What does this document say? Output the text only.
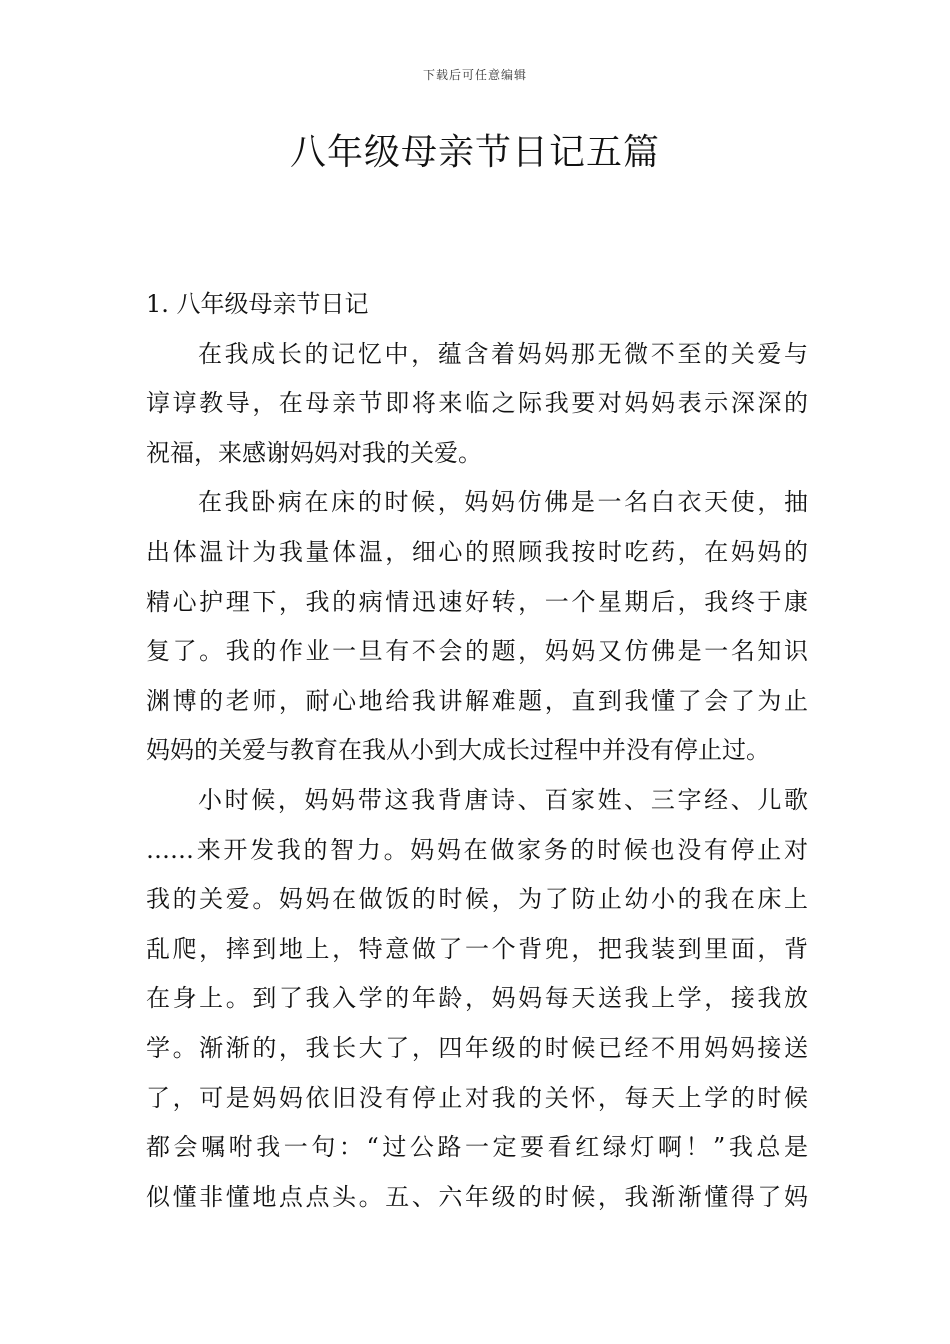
下载后可任意编辑
八年级母亲节日记五篇
1. 八年级母亲节日记
在我成长的记忆中，蕴含着妈妈那无微不至的关爱与
谆谆教导，在母亲节即将来临之际我要对妈妈表示深深的
祝福，来感谢妈妈对我的关爱。
在我卧病在床的时候，妈妈仿佛是一名白衣天使，抽
出体温计为我量体温，细心的照顾我按时吃药，在妈妈的
精心护理下，我的病情迅速好转，一个星期后，我终于康
复了。我的作业一旦有不会的题，妈妈又仿佛是一名知识
渊博的老师，耐心地给我讲解难题，直到我懂了会了为止
妈妈的关爱与教育在我从小到大成长过程中并没有停止过。
小时候，妈妈带这我背唐诗、百家姓、三字经、儿歌
……来开发我的智力。妈妈在做家务的时候也没有停止对
我的关爱。妈妈在做饭的时候，为了防止幼小的我在床上
乱爬，摔到地上，特意做了一个背兜，把我装到里面，背
在身上。到了我入学的年龄，妈妈每天送我上学，接我放
学。渐渐的，我长大了，四年级的时候已经不用妈妈接送
了，可是妈妈依旧没有停止对我的关怀，每天上学的时候
都会嘱咐我一句：“过公路一定要看红绿灯啊！”我总是
似懂非懂地点点头。五、六年级的时候，我渐渐懂得了妈
